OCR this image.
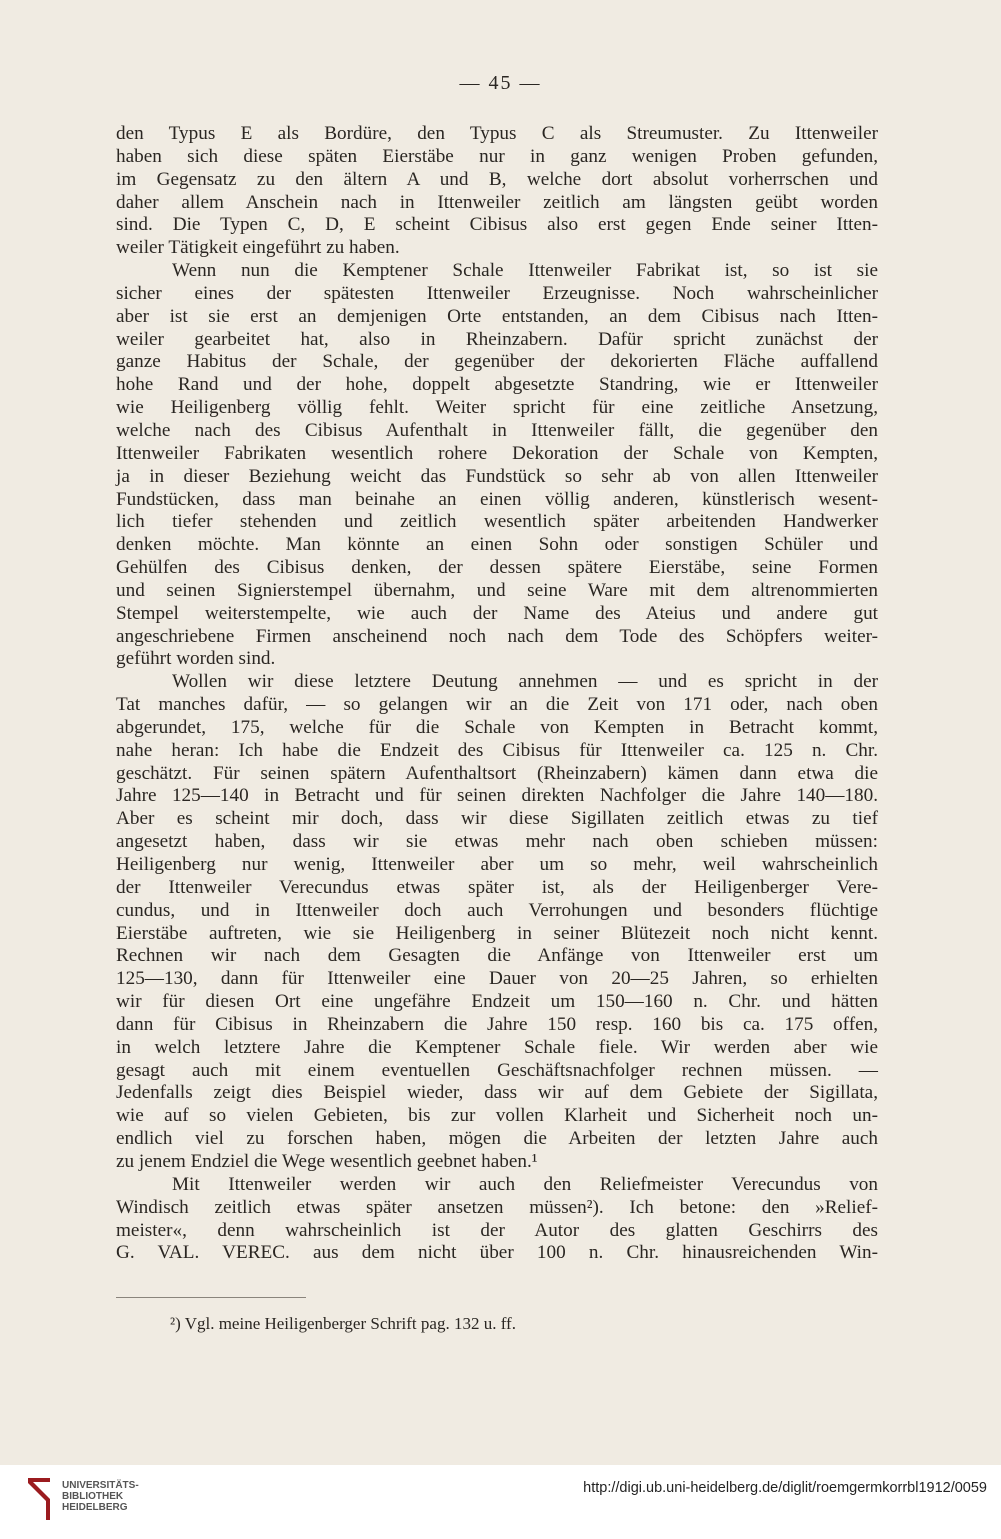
— 45 —
den Typus E als Bordüre, den Typus C als Streumuster. Zu Ittenweiler
haben sich diese späten Eierstäbe nur in ganz wenigen Proben gefunden,
im Gegensatz zu den ältern A und B, welche dort absolut vorherrschen und
daher allem Anschein nach in Ittenweiler zeitlich am längsten geübt worden
sind. Die Typen C, D, E scheint Cibisus also erst gegen Ende seiner Itten-
weiler Tätigkeit eingeführt zu haben.
Wenn nun die Kemptener Schale Ittenweiler Fabrikat ist, so ist sie
sicher eines der spätesten Ittenweiler Erzeugnisse. Noch wahrscheinlicher
aber ist sie erst an demjenigen Orte entstanden, an dem Cibisus nach Itten-
weiler gearbeitet hat, also in Rheinzabern. Dafür spricht zunächst der
ganze Habitus der Schale, der gegenüber der dekorierten Fläche auffallend
hohe Rand und der hohe, doppelt abgesetzte Standring, wie er Ittenweiler
wie Heiligenberg völlig fehlt. Weiter spricht für eine zeitliche Ansetzung,
welche nach des Cibisus Aufenthalt in Ittenweiler fällt, die gegenüber den
Ittenweiler Fabrikaten wesentlich rohere Dekoration der Schale von Kempten,
ja in dieser Beziehung weicht das Fundstück so sehr ab von allen Ittenweiler
Fundstücken, dass man beinahe an einen völlig anderen, künstlerisch wesent-
lich tiefer stehenden und zeitlich wesentlich später arbeitenden Handwerker
denken möchte. Man könnte an einen Sohn oder sonstigen Schüler und
Gehülfen des Cibisus denken, der dessen spätere Eierstäbe, seine Formen
und seinen Signierstempel übernahm, und seine Ware mit dem altrenommierten
Stempel weiterstempelte, wie auch der Name des Ateius und andere gut
angeschriebene Firmen anscheinend noch nach dem Tode des Schöpfers weiter-
geführt worden sind.
Wollen wir diese letztere Deutung annehmen — und es spricht in der
Tat manches dafür, — so gelangen wir an die Zeit von 171 oder, nach oben
abgerundet, 175, welche für die Schale von Kempten in Betracht kommt,
nahe heran: Ich habe die Endzeit des Cibisus für Ittenweiler ca. 125 n. Chr.
geschätzt. Für seinen spätern Aufenthaltsort (Rheinzabern) kämen dann etwa die
Jahre 125—140 in Betracht und für seinen direkten Nachfolger die Jahre 140—180.
Aber es scheint mir doch, dass wir diese Sigillaten zeitlich etwas zu tief
angesetzt haben, dass wir sie etwas mehr nach oben schieben müssen:
Heiligenberg nur wenig, Ittenweiler aber um so mehr, weil wahrscheinlich
der Ittenweiler Verecundus etwas später ist, als der Heiligenberger Vere-
cundus, und in Ittenweiler doch auch Verrohungen und besonders flüchtige
Eierstäbe auftreten, wie sie Heiligenberg in seiner Blütezeit noch nicht kennt.
Rechnen wir nach dem Gesagten die Anfänge von Ittenweiler erst um
125—130, dann für Ittenweiler eine Dauer von 20—25 Jahren, so erhielten
wir für diesen Ort eine ungefähre Endzeit um 150—160 n. Chr. und hätten
dann für Cibisus in Rheinzabern die Jahre 150 resp. 160 bis ca. 175 offen,
in welch letztere Jahre die Kemptener Schale fiele. Wir werden aber wie
gesagt auch mit einem eventuellen Geschäftsnachfolger rechnen müssen. —
Jedenfalls zeigt dies Beispiel wieder, dass wir auf dem Gebiete der Sigillata,
wie auf so vielen Gebieten, bis zur vollen Klarheit und Sicherheit noch un-
endlich viel zu forschen haben, mögen die Arbeiten der letzten Jahre auch
zu jenem Endziel die Wege wesentlich geebnet haben.¹
Mit Ittenweiler werden wir auch den Reliefmeister Verecundus von
Windisch zeitlich etwas später ansetzen müssen²). Ich betone: den »Relief-
meister«, denn wahrscheinlich ist der Autor des glatten Geschirrs des
G. VAL. VEREC. aus dem nicht über 100 n. Chr. hinausreichenden Win-
²) Vgl. meine Heiligenberger Schrift pag. 132 u. ff.
UNIVERSITÄTS-
BIBLIOTHEK
HEIDELBERG
http://digi.ub.uni-heidelberg.de/diglit/roemgermkorrbl1912/0059
